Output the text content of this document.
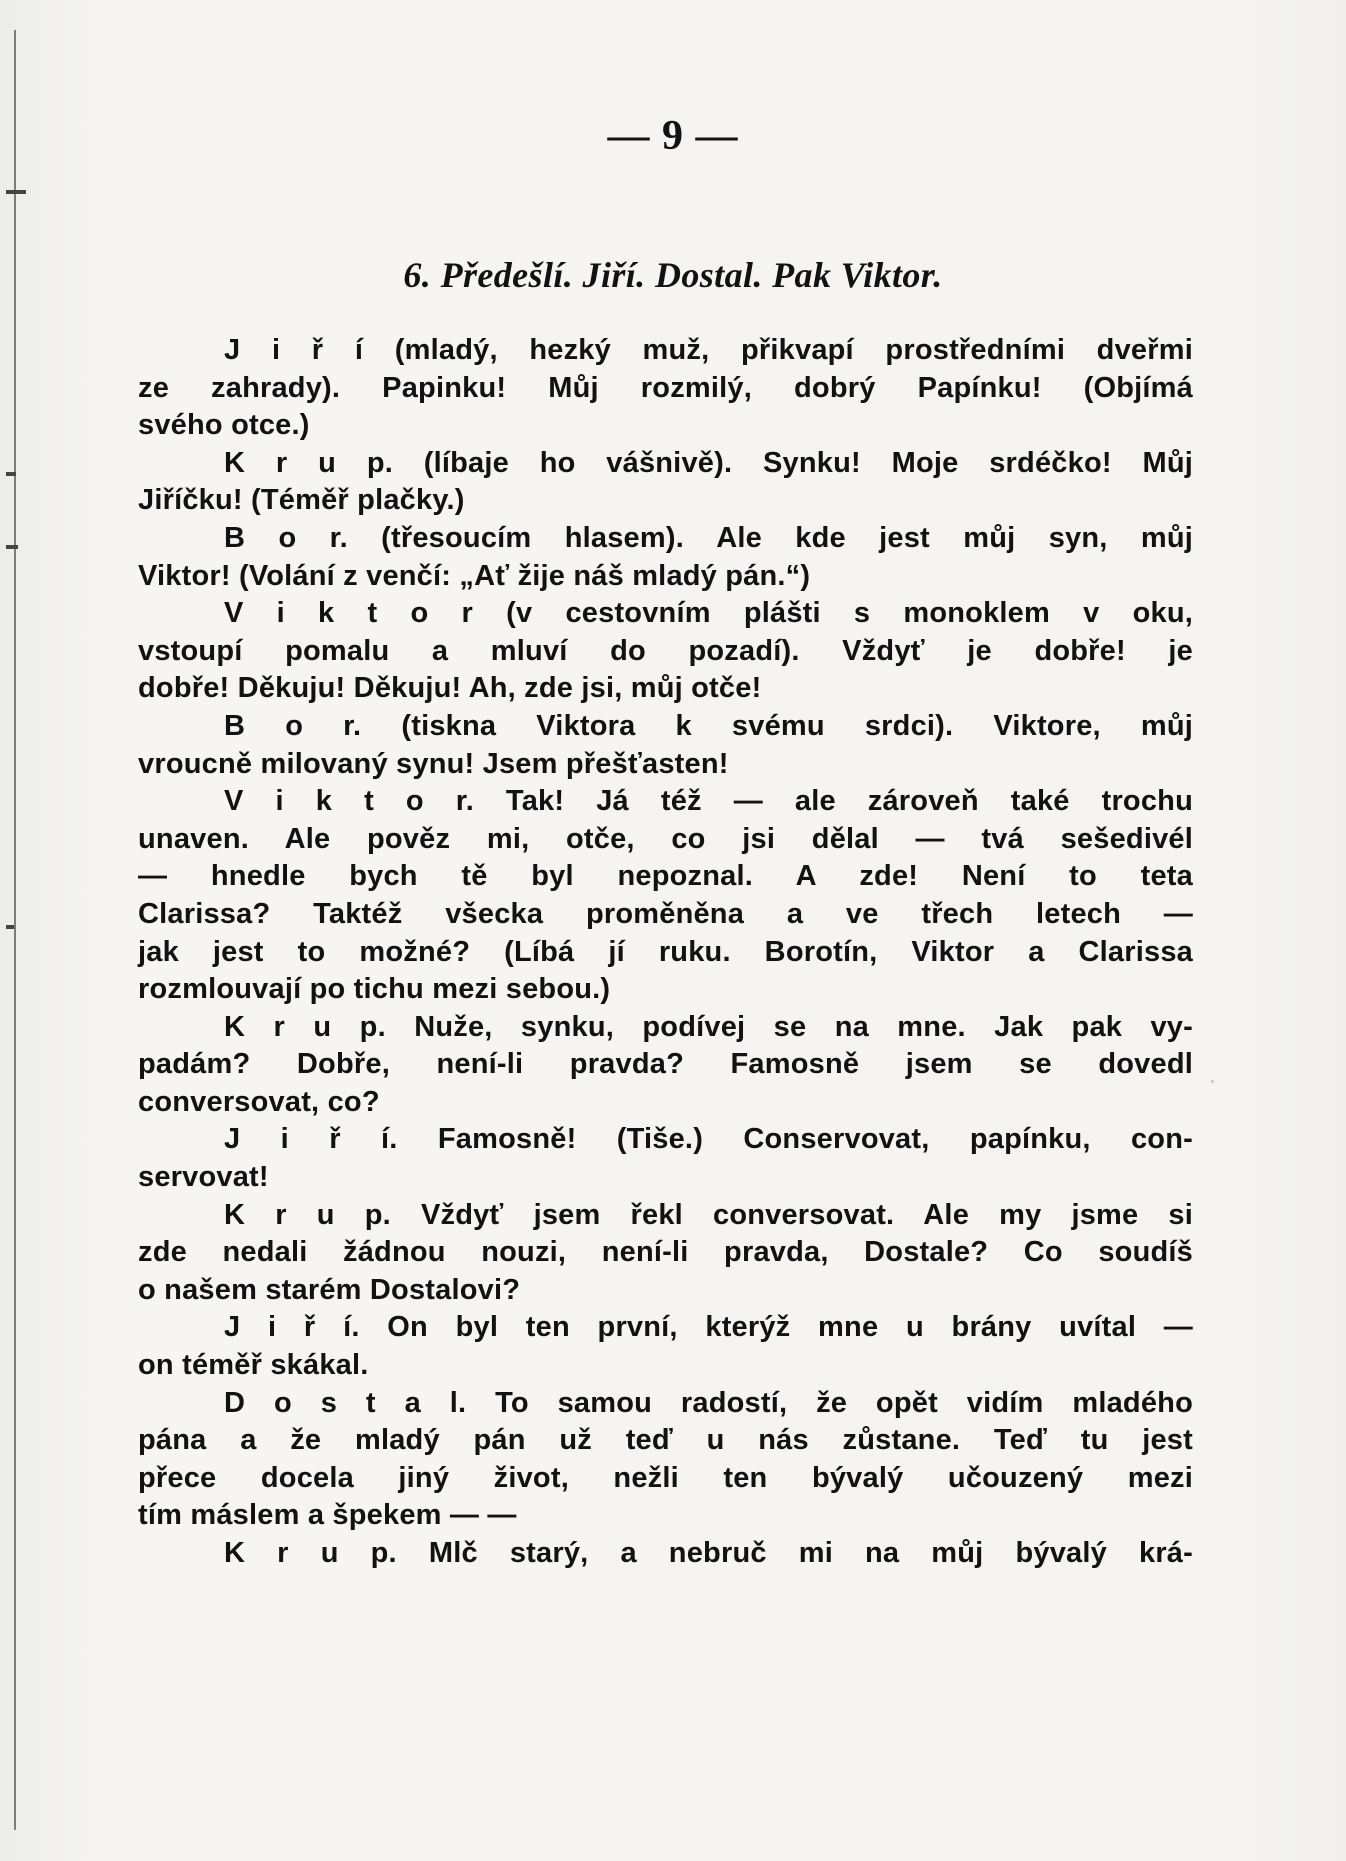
— 9 —
6. Předešlí. Jiří. Dostal. Pak Viktor.
J i ř í (mladý, hezký muž, přikvapí prostředními dveřmi
ze zahrady). Papinku! Můj rozmilý, dobrý Papínku! (Objímá
svého otce.)
K r u p. (líbaje ho vášnivě). Synku! Moje srdéčko! Můj
Jiříčku! (Téměř plačky.)
B o r. (třesoucím hlasem). Ale kde jest můj syn, můj
Viktor! (Volání z venčí: „Ať žije náš mladý pán.“)
V i k t o r (v cestovním plášti s monoklem v oku,
vstoupí pomalu a mluví do pozadí). Vždyť je dobře! je
dobře! Děkuju! Děkuju! Ah, zde jsi, můj otče!
B o r. (tiskna Viktora k svému srdci). Viktore, můj
vroucně milovaný synu! Jsem přešťasten!
V i k t o r. Tak! Já též — ale zároveň také trochu
unaven. Ale pověz mi, otče, co jsi dělal — tvá sešedivél
— hnedle bych tě byl nepoznal. A zde! Není to teta
Clarissa? Taktéž všecka proměněna a ve třech letech —
jak jest to možné? (Líbá jí ruku. Borotín, Viktor a Clarissa
rozmlouvají po tichu mezi sebou.)
K r u p. Nuže, synku, podívej se na mne. Jak pak vy-
padám? Dobře, není-li pravda? Famosně jsem se dovedl
conversovat, co?
J i ř í. Famosně! (Tiše.) Conservovat, papínku, con-
servovat!
K r u p. Vždyť jsem řekl conversovat. Ale my jsme si
zde nedali žádnou nouzi, není-li pravda, Dostale? Co soudíš
o našem starém Dostalovi?
J i ř í. On byl ten první, kterýž mne u brány uvítal —
on téměř skákal.
D o s t a l. To samou radostí, že opět vidím mladého
pána a že mladý pán už teď u nás zůstane. Teď tu jest
přece docela jiný život, nežli ten bývalý učouzený mezi
tím máslem a špekem — —
K r u p. Mlč starý, a nebruč mi na můj bývalý krá-
